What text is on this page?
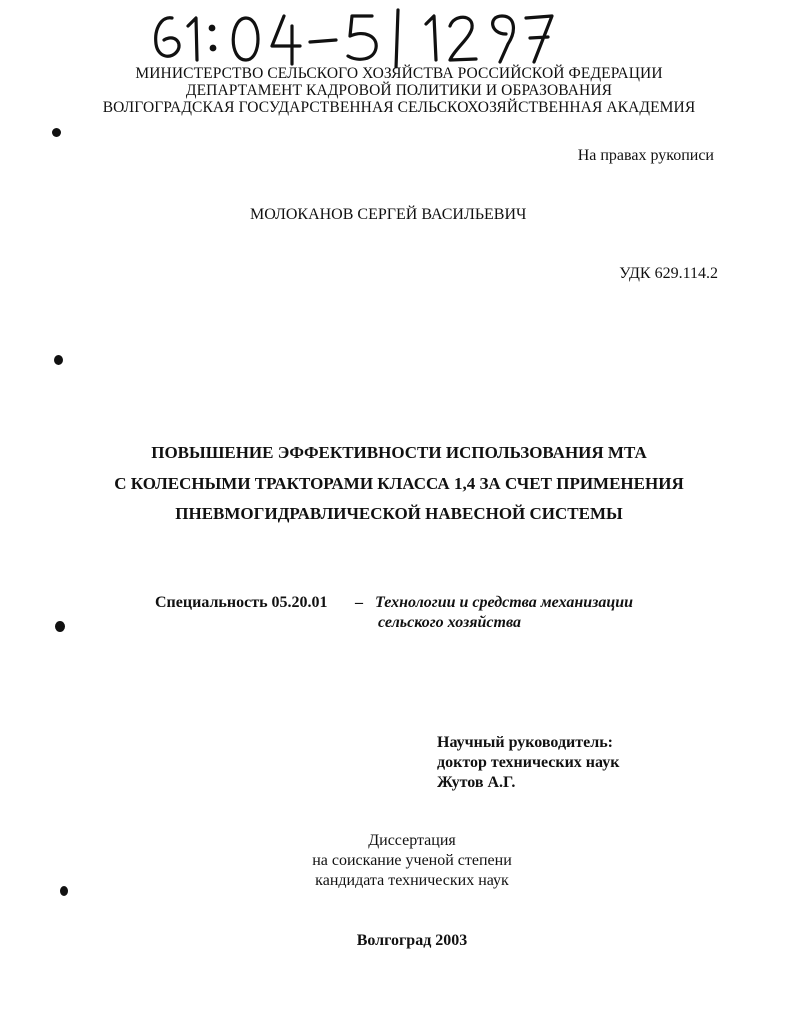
МИНИСТЕРСТВО СЕЛЬСКОГО ХОЗЯЙСТВА РОССИЙСКОЙ ФЕДЕРАЦИИ
ДЕПАРТАМЕНТ КАДРОВОЙ ПОЛИТИКИ И ОБРАЗОВАНИЯ
ВОЛГОГРАДСКАЯ ГОСУДАРСТВЕННАЯ СЕЛЬСКОХОЗЯЙСТВЕННАЯ АКАДЕМИЯ
На правах рукописи
МОЛОКАНОВ СЕРГЕЙ ВАСИЛЬЕВИЧ
УДК 629.114.2
ПОВЫШЕНИЕ ЭФФЕКТИВНОСТИ ИСПОЛЬЗОВАНИЯ МТА
С КОЛЕСНЫМИ ТРАКТОРАМИ КЛАССА 1,4 ЗА СЧЕТ ПРИМЕНЕНИЯ
ПНЕВМОГИДРАВЛИЧЕСКОЙ НАВЕСНОЙ СИСТЕМЫ
Специальность 05.20.01 – Технологии и средства механизации
сельского хозяйства
Научный руководитель:
доктор технических наук
Жутов А.Г.
Диссертация
на соискание ученой степени
кандидата технических наук
Волгоград 2003
